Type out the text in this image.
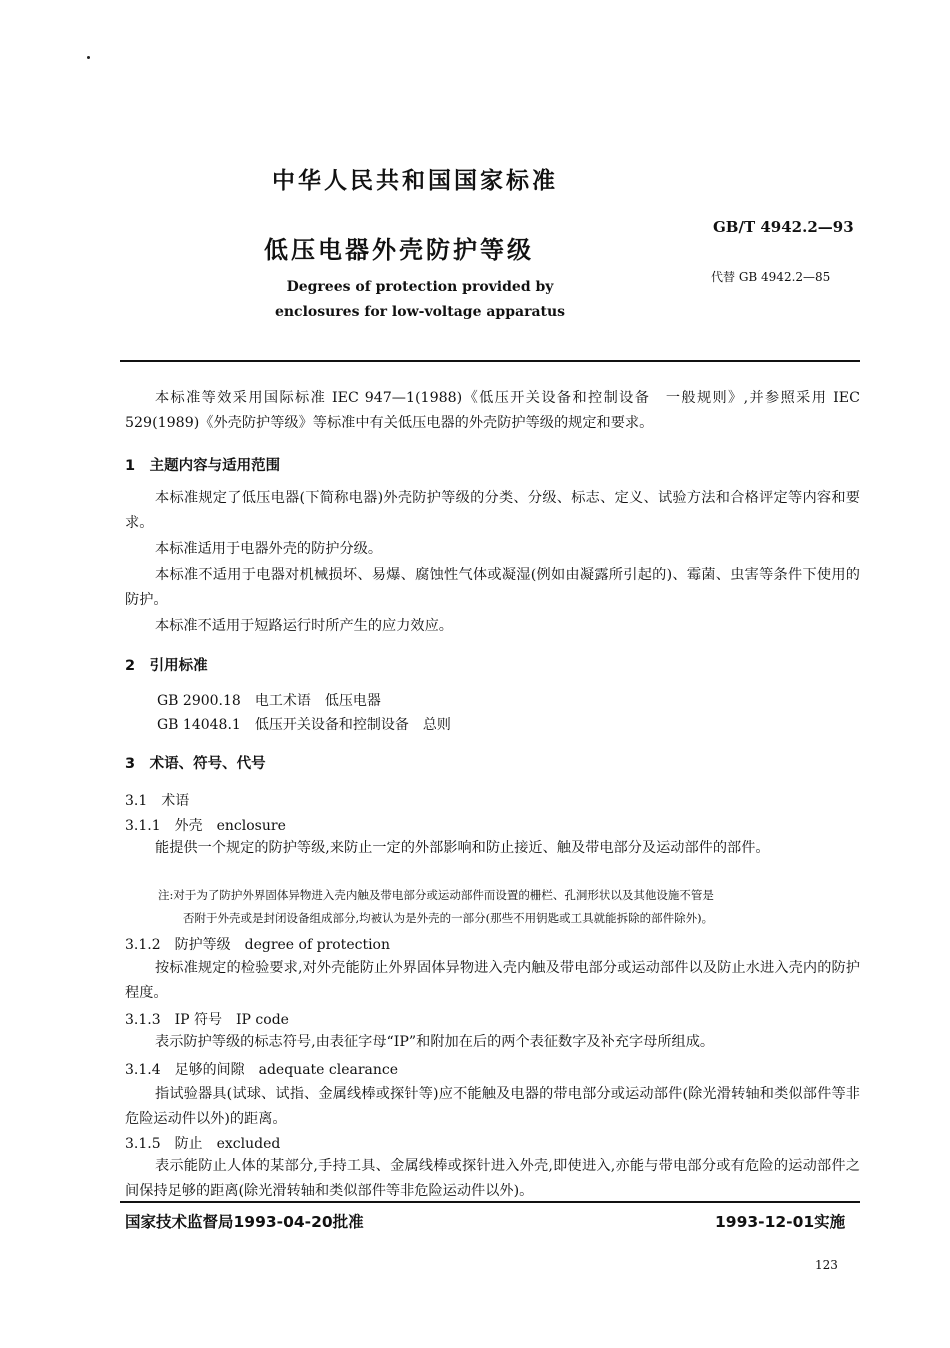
中华人民共和国国家标准
低压电器外壳防护等级
Degrees of protection provided by
enclosures for low-voltage apparatus
GB/T 4942.2—93
代替 GB 4942.2—85
本标准等效采用国际标准 IEC 947—1(1988)《低压开关设备和控制设备　一般规则》,并参照采用 IEC 529(1989)《外壳防护等级》等标准中有关低压电器的外壳防护等级的规定和要求。
1　主题内容与适用范围
本标准规定了低压电器(下简称电器)外壳防护等级的分类、分级、标志、定义、试验方法和合格评定等内容和要求。
本标准适用于电器外壳的防护分级。
本标准不适用于电器对机械损坏、易爆、腐蚀性气体或凝湿(例如由凝露所引起的)、霉菌、虫害等条件下使用的防护。
本标准不适用于短路运行时所产生的应力效应。
2　引用标准
GB 2900.18　电工术语　低压电器
GB 14048.1　低压开关设备和控制设备　总则
3　术语、符号、代号
3.1　术语
3.1.1　外壳　enclosure
能提供一个规定的防护等级,来防止一定的外部影响和防止接近、触及带电部分及运动部件的部件。
注:对于为了防护外界固体异物进入壳内触及带电部分或运动部件而设置的栅栏、孔洞形状以及其他设施不管是
否附于外壳或是封闭设备组成部分,均被认为是外壳的一部分(那些不用钥匙或工具就能拆除的部件除外)。
3.1.2　防护等级　degree of protection
按标准规定的检验要求,对外壳能防止外界固体异物进入壳内触及带电部分或运动部件以及防止水进入壳内的防护程度。
3.1.3　IP 符号　IP code
表示防护等级的标志符号,由表征字母“IP”和附加在后的两个表征数字及补充字母所组成。
3.1.4　足够的间隙　adequate clearance
指试验器具(试球、试指、金属线棒或探针等)应不能触及电器的带电部分或运动部件(除光滑转轴和类似部件等非危险运动件以外)的距离。
3.1.5　防止　excluded
表示能防止人体的某部分,手持工具、金属线棒或探针进入外壳,即使进入,亦能与带电部分或有危险的运动部件之间保持足够的距离(除光滑转轴和类似部件等非危险运动件以外)。
国家技术监督局1993-04-20批准	1993-12-01实施
123
